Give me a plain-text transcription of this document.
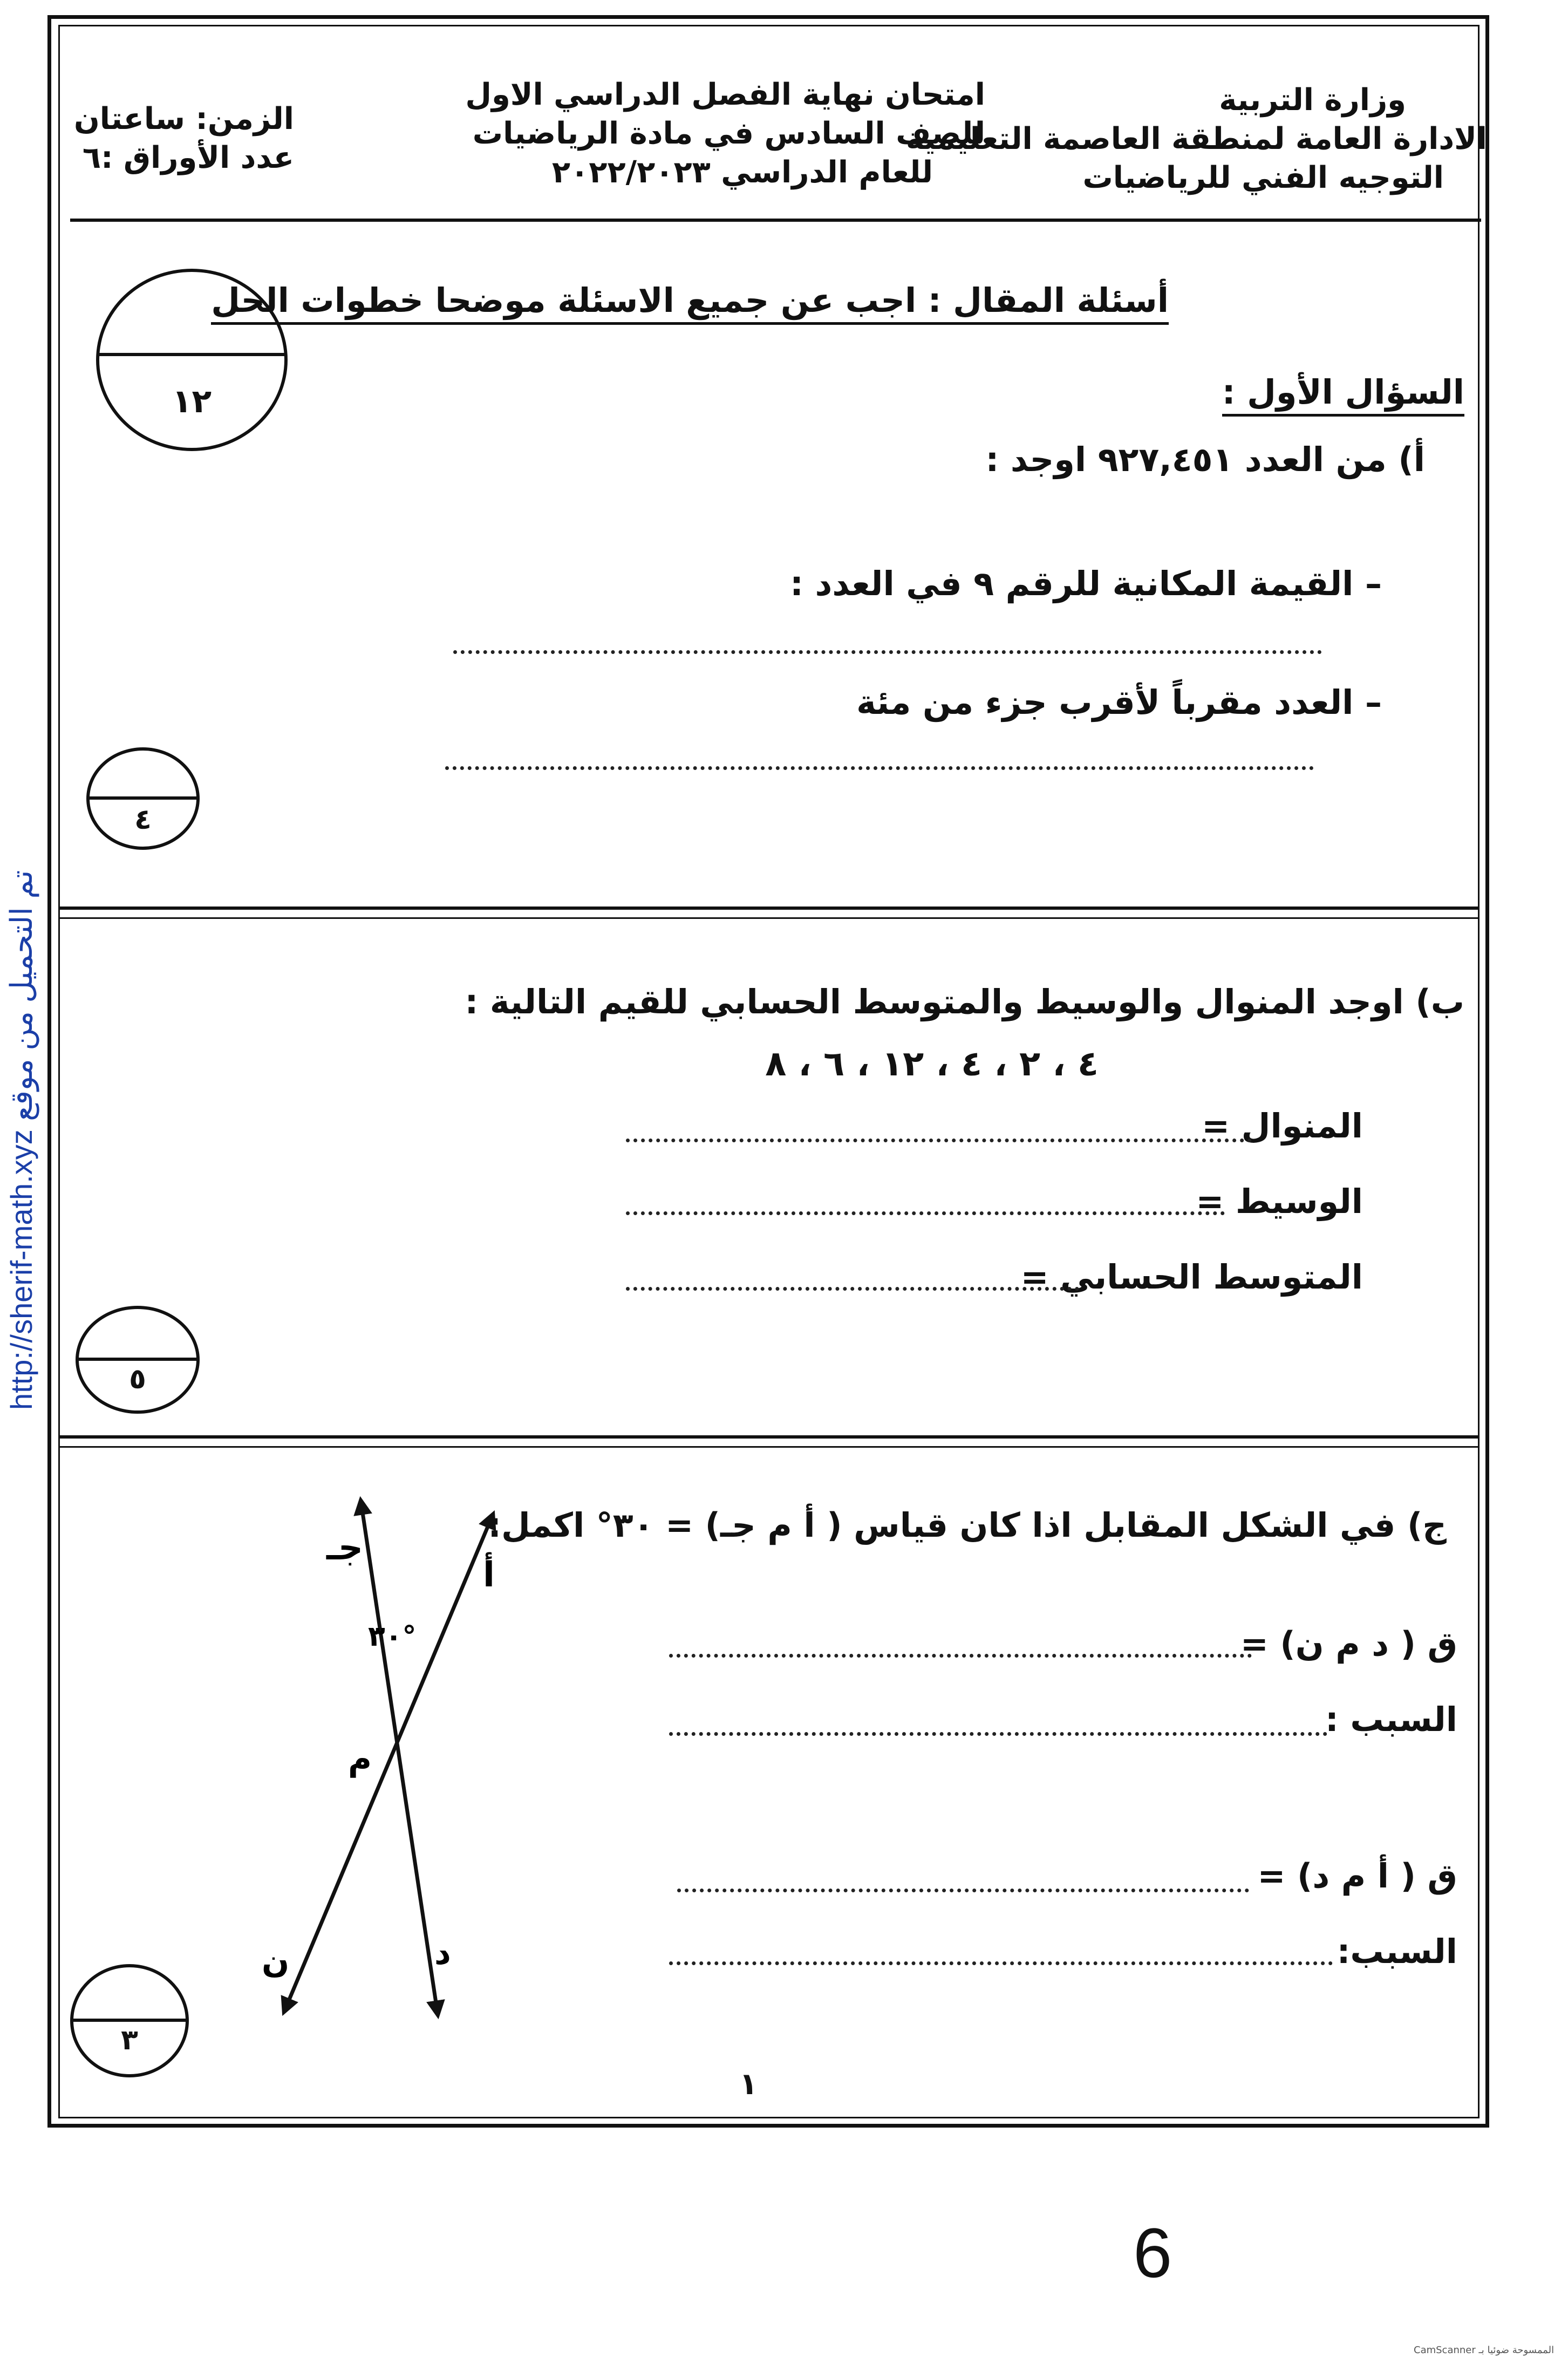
http://sherif-math.xyz تم التحميل من موقع
وزارة التربية
الادارة العامة لمنطقة العاصمة التعليمية
التوجيه الفني للرياضيات
امتحان نهاية الفصل الدراسي الاول
للصف السادس في مادة الرياضيات
للعام الدراسي ٢٠٢٢/٢٠٢٣
الزمن: ساعتان
عدد الأوراق :٦
أسئلة المقال : اجب عن جميع الاسئلة موضحا خطوات الحل
١٢	السؤال الأول :
أ) من العدد ٩٢٧,٤٥١ اوجد :
– القيمة المكانية للرقم ٩ في العدد :
– العدد مقرباً لأقرب جزء من مئة
٤
ب) اوجد المنوال والوسيط والمتوسط الحسابي للقيم التالية :
٤ ، ٢ ، ٤ ، ١٢ ، ٦ ، ٨
المنوال =
الوسيط =
المتوسط الحسابي =
٥
ج) في الشكل المقابل اذا كان قياس ( أ م جـ) = ٣٠° اكمل:
ق ( د م ن) =
السبب :
ق ( أ م د) =
السبب:
جـ
أ
٣٠°
م
ن	د
٣
١
6
CamScanner الممسوحة ضوئيا بـ
